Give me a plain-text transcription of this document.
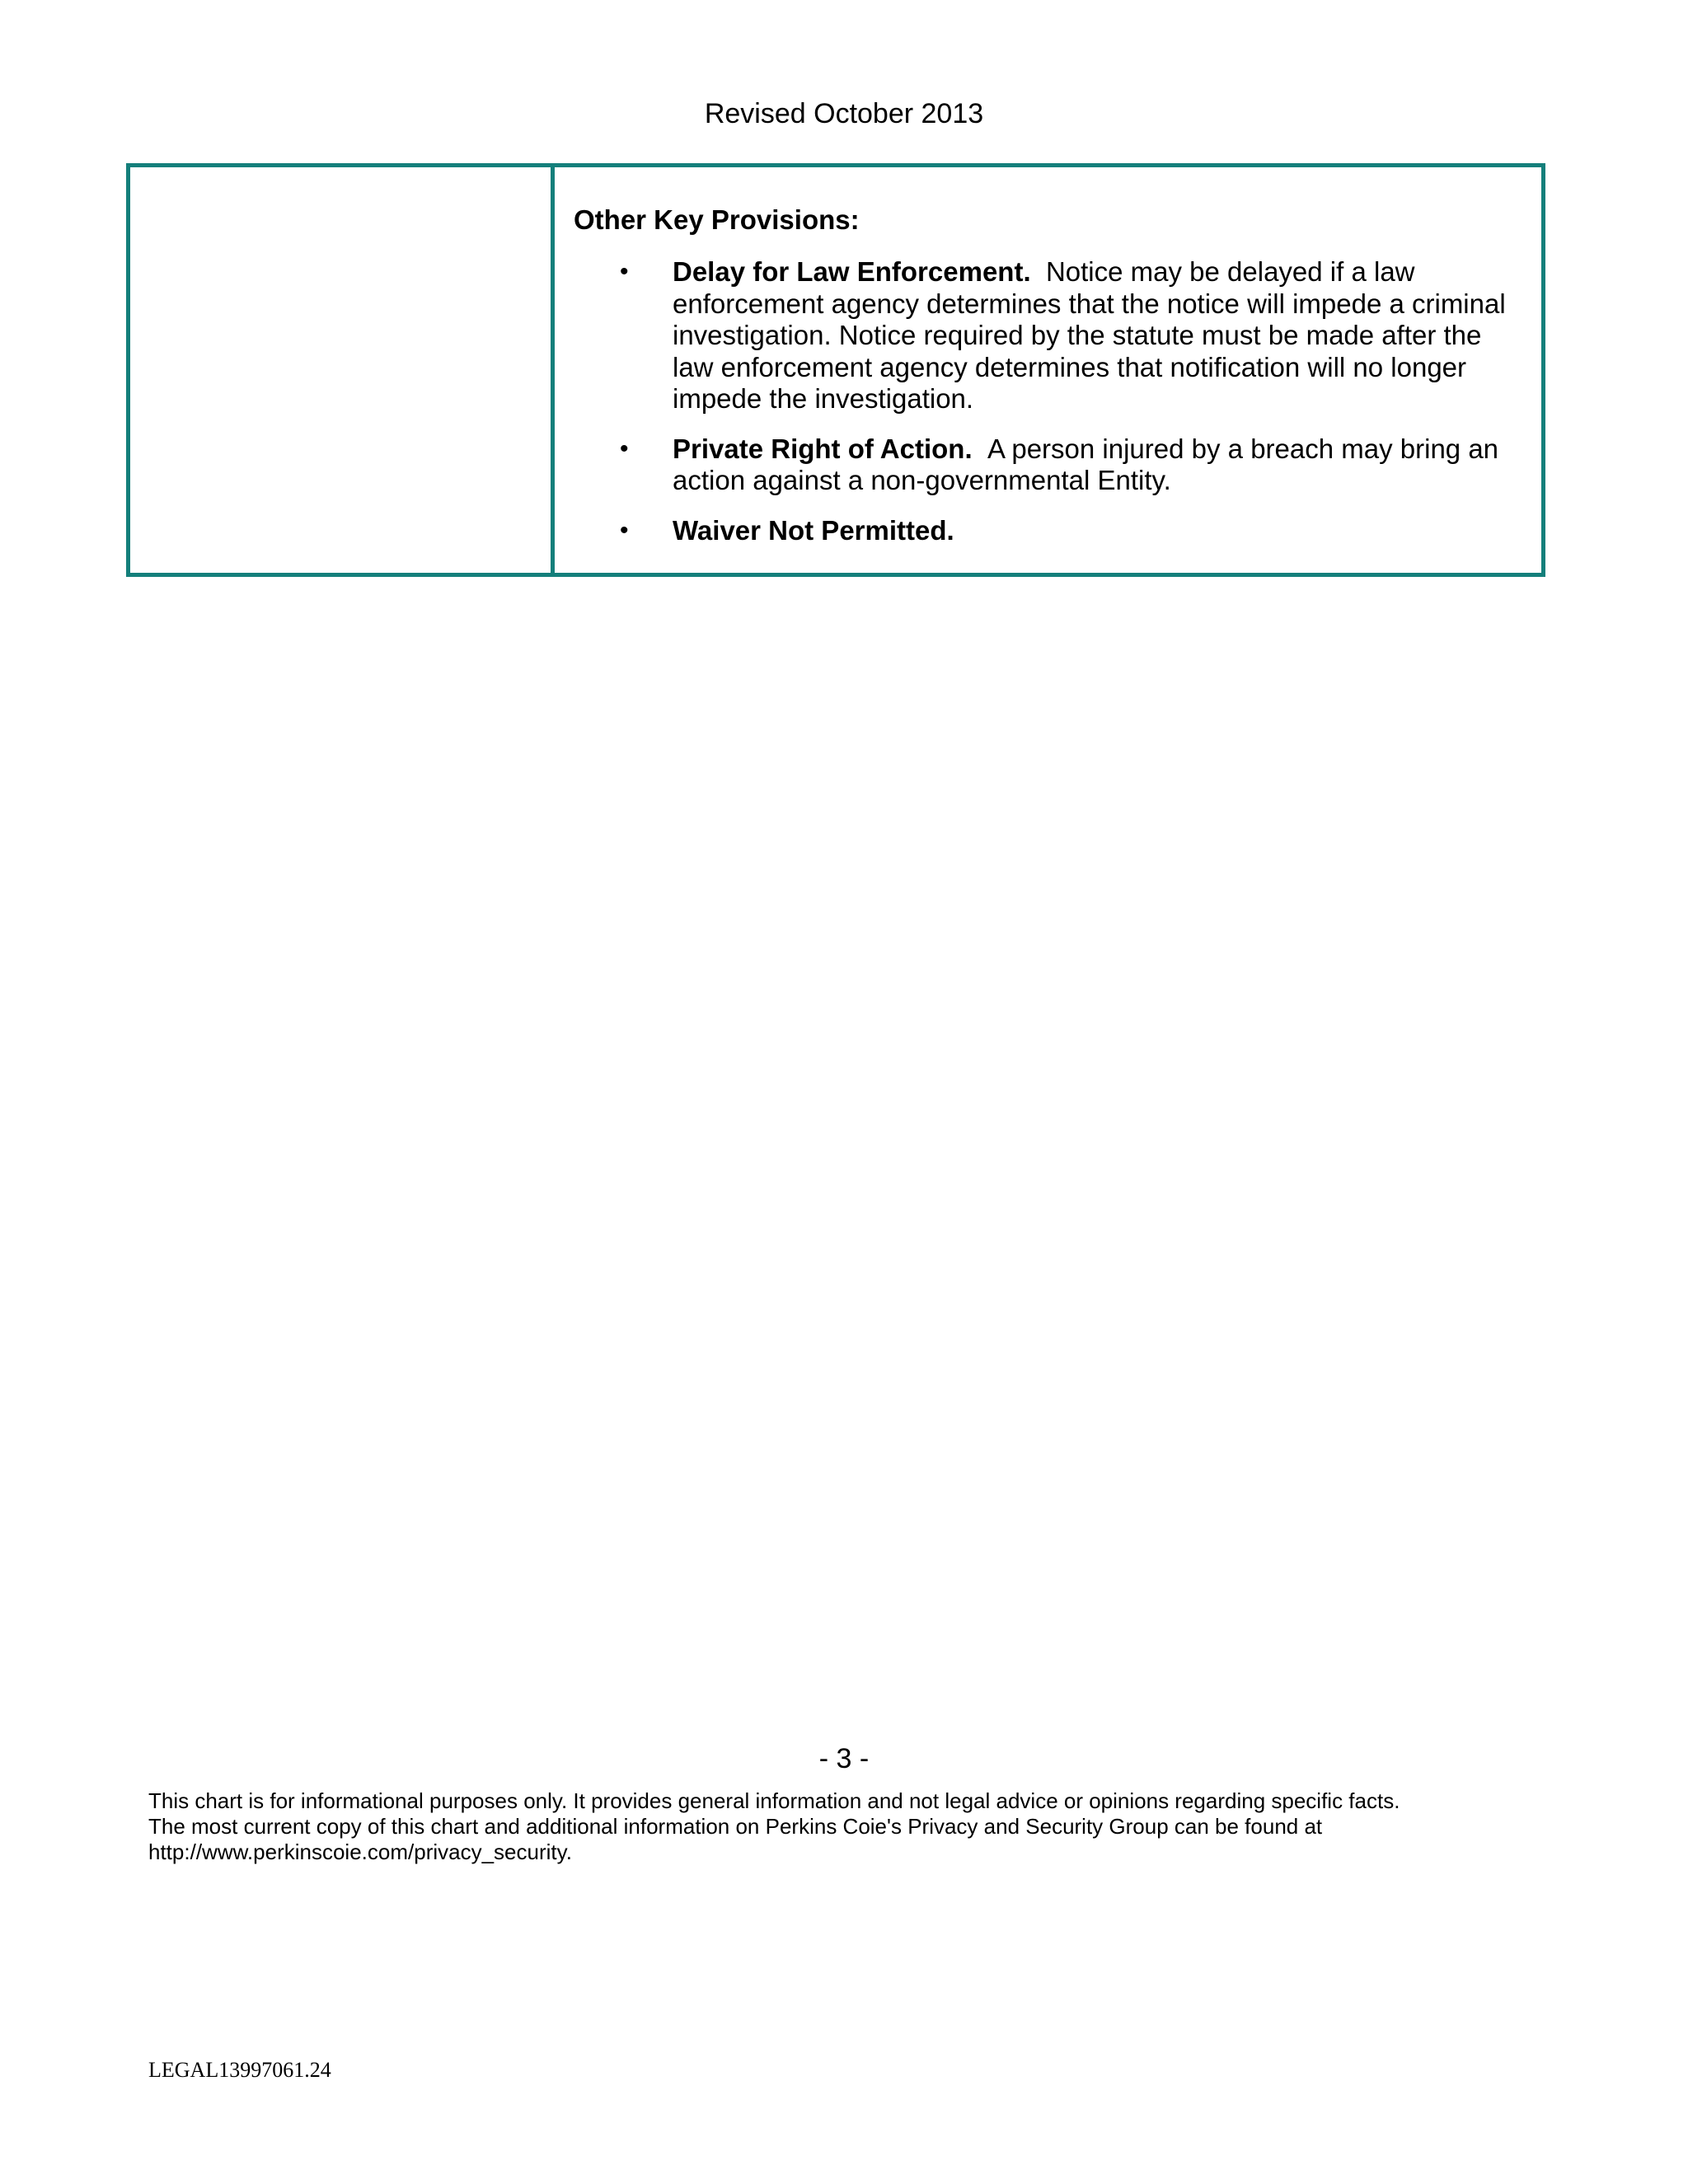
Revised October 2013
Other Key Provisions:
• Delay for Law Enforcement. Notice may be delayed if a law enforcement agency determines that the notice will impede a criminal investigation. Notice required by the statute must be made after the law enforcement agency determines that notification will no longer impede the investigation.
• Private Right of Action. A person injured by a breach may bring an action against a non-governmental Entity.
• Waiver Not Permitted.
- 3 -
This chart is for informational purposes only. It provides general information and not legal advice or opinions regarding specific facts.
The most current copy of this chart and additional information on Perkins Coie's Privacy and Security Group can be found at
http://www.perkinscoie.com/privacy_security.
LEGAL13997061.24
